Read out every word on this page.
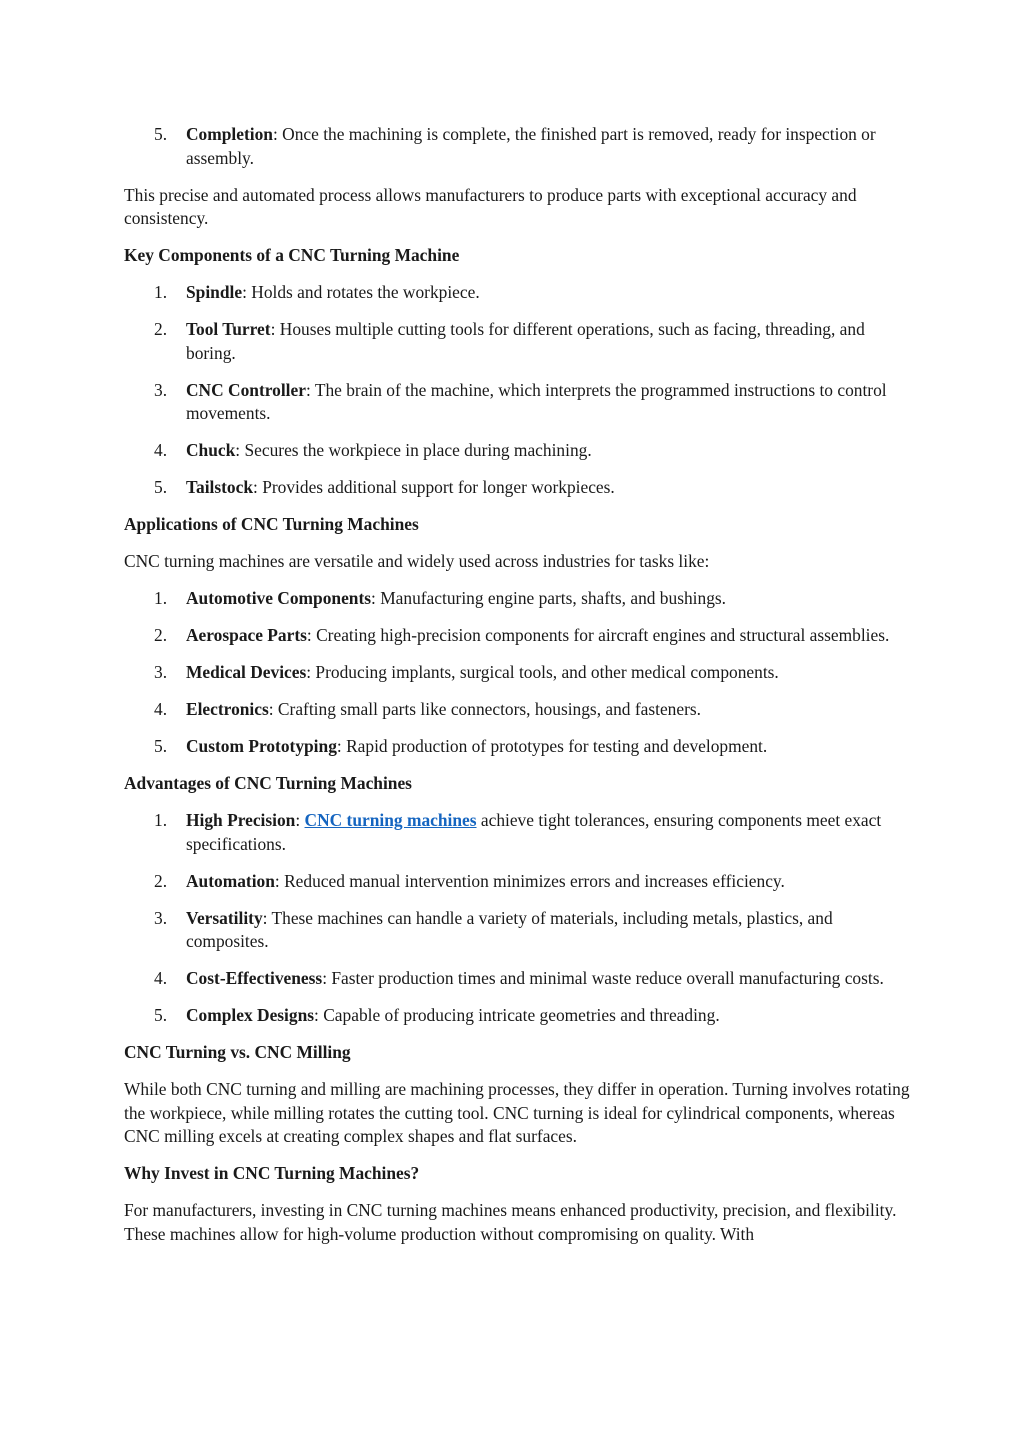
5. Completion: Once the machining is complete, the finished part is removed, ready for inspection or assembly.

This precise and automated process allows manufacturers to produce parts with exceptional accuracy and consistency.

Key Components of a CNC Turning Machine
1. Spindle: Holds and rotates the workpiece.
2. Tool Turret: Houses multiple cutting tools for different operations, such as facing, threading, and boring.
3. CNC Controller: The brain of the machine, which interprets the programmed instructions to control movements.
4. Chuck: Secures the workpiece in place during machining.
5. Tailstock: Provides additional support for longer workpieces.
Applications of CNC Turning Machines

CNC turning machines are versatile and widely used across industries for tasks like:

1. Automotive Components: Manufacturing engine parts, shafts, and bushings.
2. Aerospace Parts: Creating high-precision components for aircraft engines and structural assemblies.
3. Medical Devices: Producing implants, surgical tools, and other medical components.
4. Electronics: Crafting small parts like connectors, housings, and fasteners.
5. Custom Prototyping: Rapid production of prototypes for testing and development.
Advantages of CNC Turning Machines
1. High Precision: CNC turning machines achieve tight tolerances, ensuring components meet exact specifications.
2. Automation: Reduced manual intervention minimizes errors and increases efficiency.
3. Versatility: These machines can handle a variety of materials, including metals, plastics, and composites.
4. Cost-Effectiveness: Faster production times and minimal waste reduce overall manufacturing costs.
5. Complex Designs: Capable of producing intricate geometries and threading.
CNC Turning vs. CNC Milling

While both CNC turning and milling are machining processes, they differ in operation. Turning involves rotating the workpiece, while milling rotates the cutting tool. CNC turning is ideal for cylindrical components, whereas CNC milling excels at creating complex shapes and flat surfaces.

Why Invest in CNC Turning Machines?

For manufacturers, investing in CNC turning machines means enhanced productivity, precision, and flexibility. These machines allow for high-volume production without compromising on quality. With
